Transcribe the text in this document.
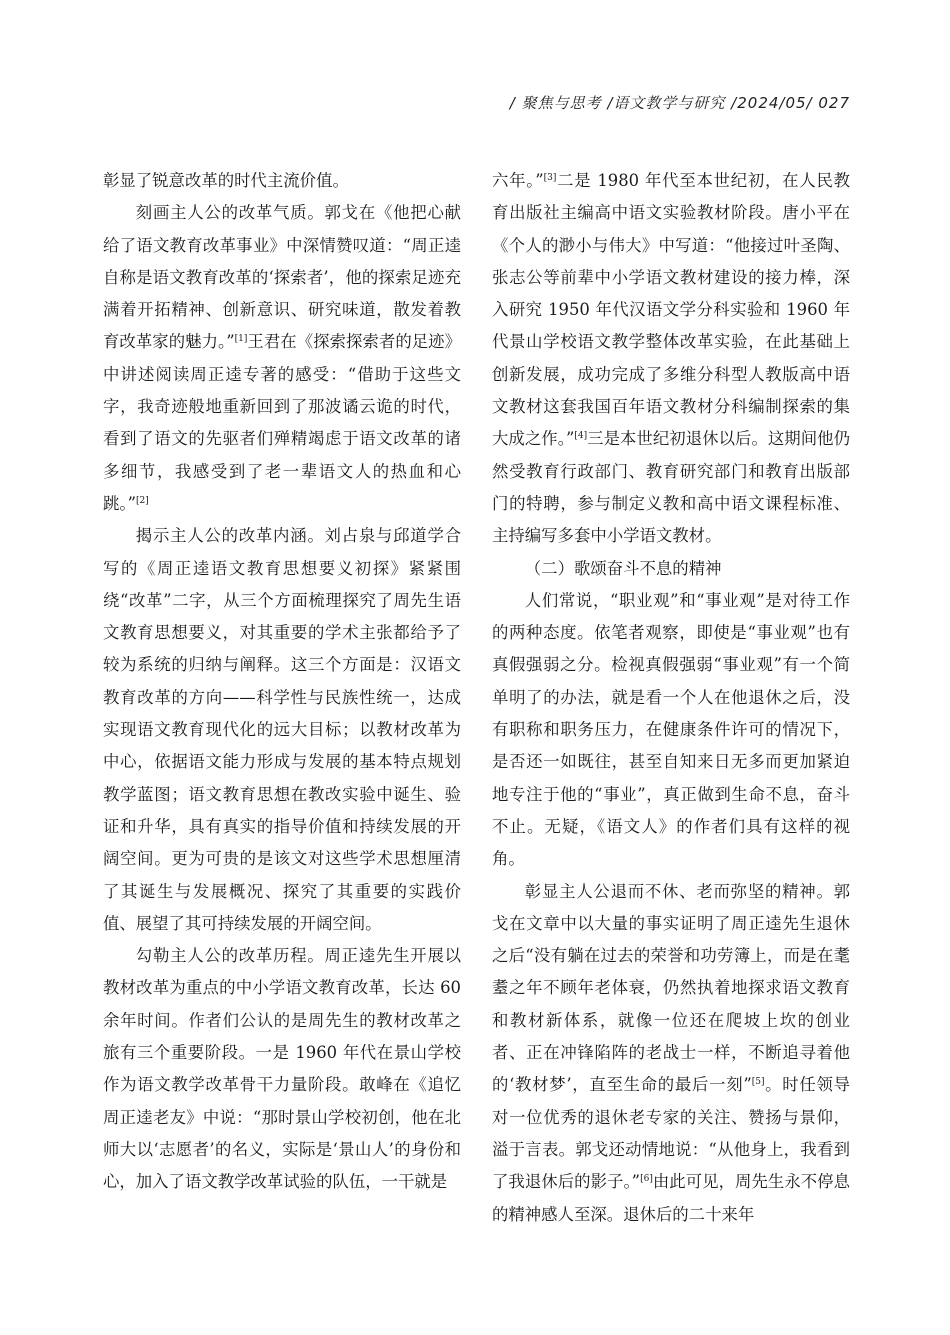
/ 聚焦与思考 /语文教学与研究 /2024/05/ 027

彰显了锐意改革的时代主流价值。

刻画主人公的改革气质。郭戈在《他把心献给了语文教育改革事业》中深情赞叹道：“周正逵自称是语文教育改革的‘探索者’，他的探索足迹充满着开拓精神、创新意识、研究味道，散发着教育改革家的魅力。”[1]王君在《探索探索者的足迹》中讲述阅读周正逵专著的感受：“借助于这些文字，我奇迹般地重新回到了那波谲云诡的时代，看到了语文的先驱者们殚精竭虑于语文改革的诸多细节，我感受到了老一辈语文人的热血和心跳。”[2]

揭示主人公的改革内涵。刘占泉与邱道学合写的《周正逵语文教育思想要义初探》紧紧围绕“改革”二字，从三个方面梳理探究了周先生语文教育思想要义，对其重要的学术主张都给予了较为系统的归纳与阐释。这三个方面是：汉语文教育改革的方向——科学性与民族性统一，达成实现语文教育现代化的远大目标；以教材改革为中心，依据语文能力形成与发展的基本特点规划教学蓝图；语文教育思想在教改实验中诞生、验证和升华，具有真实的指导价值和持续发展的开阔空间。更为可贵的是该文对这些学术思想厘清了其诞生与发展概况、探究了其重要的实践价值、展望了其可持续发展的开阔空间。

勾勒主人公的改革历程。周正逵先生开展以教材改革为重点的中小学语文教育改革，长达 60 余年时间。作者们公认的是周先生的教材改革之旅有三个重要阶段。一是 1960 年代在景山学校作为语文教学改革骨干力量阶段。敢峰在《追忆周正逵老友》中说：“那时景山学校初创，他在北师大以‘志愿者’的名义，实际是‘景山人’的身份和心，加入了语文教学改革试验的队伍，一干就是

六年。”[3]二是 1980 年代至本世纪初，在人民教育出版社主编高中语文实验教材阶段。唐小平在《个人的渺小与伟大》中写道：“他接过叶圣陶、张志公等前辈中小学语文教材建设的接力棒，深入研究 1950 年代汉语文学分科实验和 1960 年代景山学校语文教学整体改革实验，在此基础上创新发展，成功完成了多维分科型人教版高中语文教材这套我国百年语文教材分科编制探索的集大成之作。”[4]三是本世纪初退休以后。这期间他仍然受教育行政部门、教育研究部门和教育出版部门的特聘，参与制定义教和高中语文课程标准、主持编写多套中小学语文教材。

（二）歌颂奋斗不息的精神

人们常说，“职业观”和“事业观”是对待工作的两种态度。依笔者观察，即使是“事业观”也有真假强弱之分。检视真假强弱“事业观”有一个简单明了的办法，就是看一个人在他退休之后，没有职称和职务压力，在健康条件许可的情况下，是否还一如既往，甚至自知来日无多而更加紧迫地专注于他的“事业”，真正做到生命不息，奋斗不止。无疑，《语文人》的作者们具有这样的视角。

彰显主人公退而不休、老而弥坚的精神。郭戈在文章中以大量的事实证明了周正逵先生退休之后“没有躺在过去的荣誉和功劳簿上，而是在耄耋之年不顾年老体衰，仍然执着地探求语文教育和教材新体系，就像一位还在爬坡上坎的创业者、正在冲锋陷阵的老战士一样，不断追寻着他的‘教材梦’，直至生命的最后一刻”[5]。时任领导对一位优秀的退休老专家的关注、赞扬与景仰，溢于言表。郭戈还动情地说：“从他身上，我看到了我退休后的影子。”[6]由此可见，周先生永不停息的精神感人至深。退休后的二十来年
